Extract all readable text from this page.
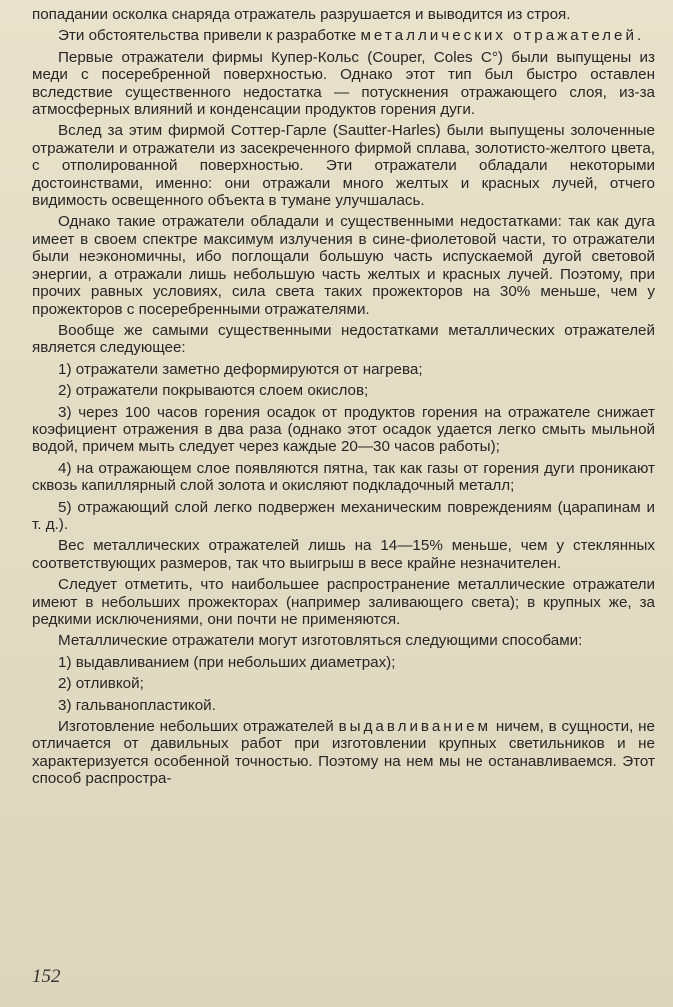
попадании осколка снаряда отражатель разрушается и выводится из строя.

Эти обстоятельства привели к разработке металлических отражателей.

Первые отражатели фирмы Купер-Кольс (Couper, Coles C°) были выпущены из меди с посеребренной поверхностью. Однако этот тип был быстро оставлен вследствие существенного недостатка — потускнения отражающего слоя, из-за атмосферных влияний и конденсации продуктов горения дуги.

Вслед за этим фирмой Соттер-Гарле (Sautter-Harles) были выпущены золоченные отражатели и отражатели из засекреченного фирмой сплава, золотисто-желтого цвета, с отполированной поверхностью. Эти отражатели обладали некоторыми достоинствами, именно: они отражали много желтых и красных лучей, отчего видимость освещенного объекта в тумане улучшалась.

Однако такие отражатели обладали и существенными недостатками: так как дуга имеет в своем спектре максимум излучения в сине-фиолетовой части, то отражатели были неэкономичны, ибо поглощали большую часть испускаемой дугой световой энергии, а отражали лишь небольшую часть желтых и красных лучей. Поэтому, при прочих равных условиях, сила света таких прожекторов на 30% меньше, чем у прожекторов с посеребренными отражателями.

Вообще же самыми существенными недостатками металлических отражателей является следующее:

1) отражатели заметно деформируются от нагрева;

2) отражатели покрываются слоем окислов;

3) через 100 часов горения осадок от продуктов горения на отражателе снижает коэфициент отражения в два раза (однако этот осадок удается легко смыть мыльной водой, причем мыть следует через каждые 20—30 часов работы);

4) на отражающем слое появляются пятна, так как газы от горения дуги проникают сквозь капиллярный слой золота и окисляют подкладочный металл;

5) отражающий слой легко подвержен механическим повреждениям (царапинам и т. д.).

Вес металлических отражателей лишь на 14—15% меньше, чем у стеклянных соответствующих размеров, так что выигрыш в весе крайне незначителен.

Следует отметить, что наибольшее распространение металлические отражатели имеют в небольших прожекторах (например заливающего света); в крупных же, за редкими исключениями, они почти не применяются.

Металлические отражатели могут изготовляться следующими способами:

1) выдавливанием (при небольших диаметрах);

2) отливкой;

3) гальванопластикой.

Изготовление небольших отражателей выдавливанием ничем, в сущности, не отличается от давильных работ при изготовлении крупных светильников и не характеризуется особенной точностью. Поэтому на нем мы не останавливаемся. Этот способ распростра-

152
